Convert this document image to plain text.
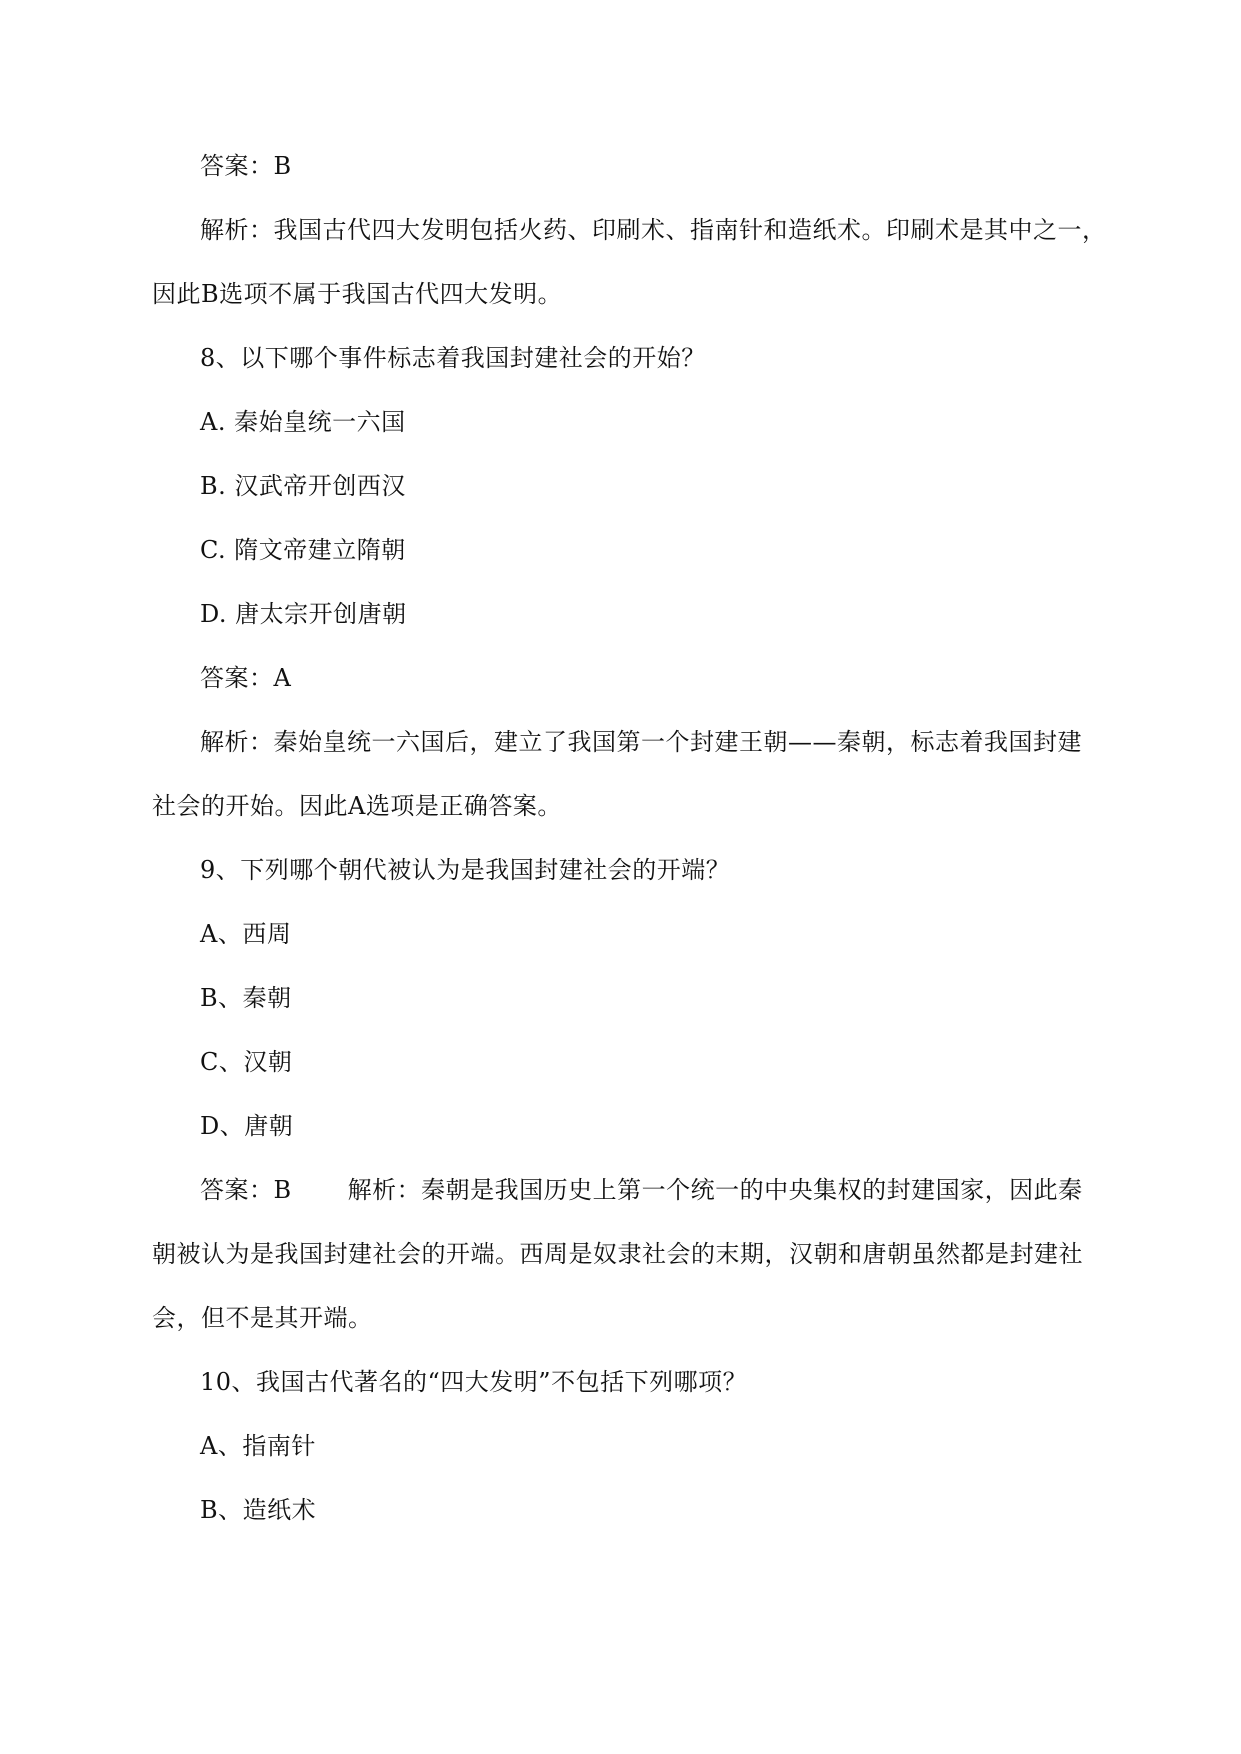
答案：B
解析：我国古代四大发明包括火药、印刷术、指南针和造纸术。印刷术是其中之一，
因此B选项不属于我国古代四大发明。
8、以下哪个事件标志着我国封建社会的开始？
A. 秦始皇统一六国
B. 汉武帝开创西汉
C. 隋文帝建立隋朝
D. 唐太宗开创唐朝
答案：A
解析：秦始皇统一六国后，建立了我国第一个封建王朝——秦朝，标志着我国封建
社会的开始。因此A选项是正确答案。
9、下列哪个朝代被认为是我国封建社会的开端？
A、西周
B、秦朝
C、汉朝
D、唐朝
答案：B 解析：秦朝是我国历史上第一个统一的中央集权的封建国家，因此秦
朝被认为是我国封建社会的开端。西周是奴隶社会的末期，汉朝和唐朝虽然都是封建社
会，但不是其开端。
10、我国古代著名的“四大发明”不包括下列哪项？
A、指南针
B、造纸术
